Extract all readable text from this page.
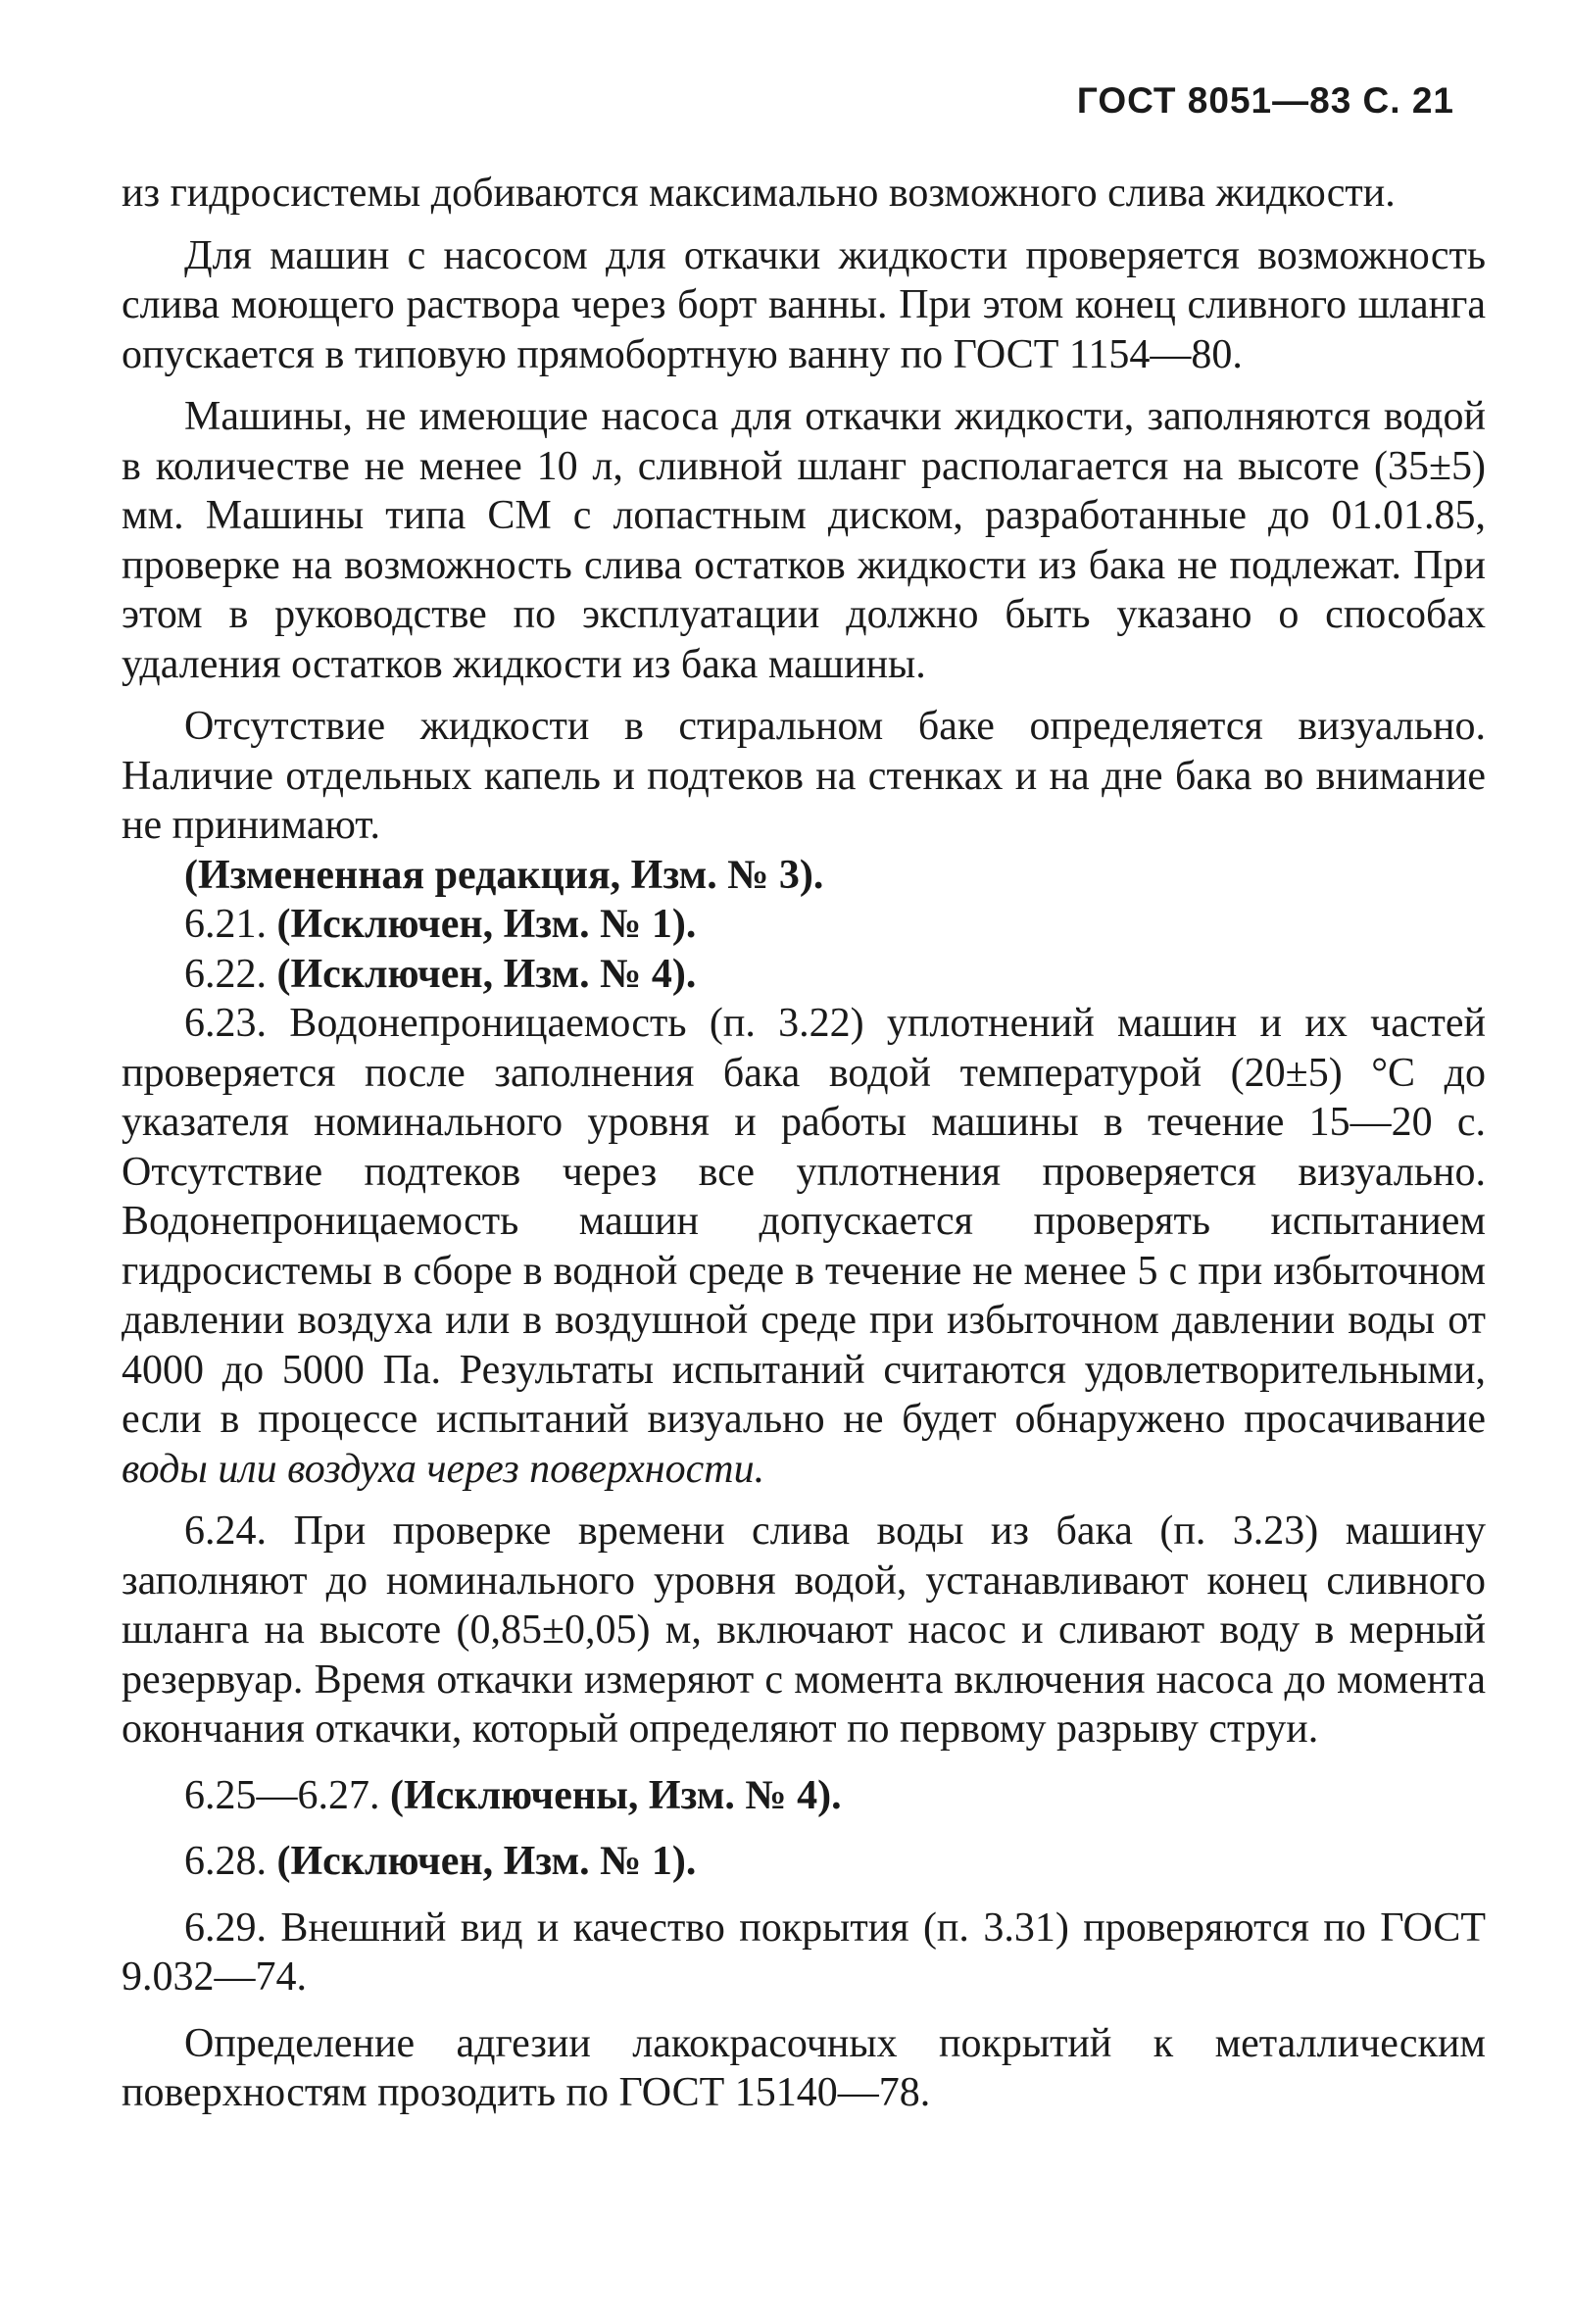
ГОСТ 8051—83 С. 21

из гидросистемы добиваются максимально возможного слива жидкости.

Для машин с насосом для откачки жидкости проверяется возможность слива моющего раствора через борт ванны. При этом конец сливного шланга опускается в типовую прямобортную ванну по ГОСТ 1154—80.

Машины, не имеющие насоса для откачки жидкости, заполняются водой в количестве не менее 10 л, сливной шланг располагается на высоте (35±5) мм. Машины типа СМ с лопастным диском, разработанные до 01.01.85, проверке на возможность слива остатков жидкости из бака не подлежат. При этом в руководстве по эксплуатации должно быть указано о способах удаления остатков жидкости из бака машины.

Отсутствие жидкости в стиральном баке определяется визуально. Наличие отдельных капель и подтеков на стенках и на дне бака во внимание не принимают.

(Измененная редакция, Изм. № 3).

6.21. (Исключен, Изм. № 1).

6.22. (Исключен, Изм. № 4).

6.23. Водонепроницаемость (п. 3.22) уплотнений машин и их частей проверяется после заполнения бака водой температурой (20±5) °С до указателя номинального уровня и работы машины в течение 15—20 с. Отсутствие подтеков через все уплотнения проверяется визуально. Водонепроницаемость машин допускается проверять испытанием гидросистемы в сборе в водной среде в течение не менее 5 с при избыточном давлении воздуха или в воздушной среде при избыточном давлении воды от 4000 до 5000 Па. Результаты испытаний считаются удовлетворительными, если в процессе испытаний визуально не будет обнаружено просачивание воды или воздуха через поверхности.

6.24. При проверке времени слива воды из бака (п. 3.23) машину заполняют до номинального уровня водой, устанавливают конец сливного шланга на высоте (0,85±0,05) м, включают насос и сливают воду в мерный резервуар. Время откачки измеряют с момента включения насоса до момента окончания откачки, который определяют по первому разрыву струи.

6.25—6.27. (Исключены, Изм. № 4).

6.28. (Исключен, Изм. № 1).

6.29. Внешний вид и качество покрытия (п. 3.31) проверяются по ГОСТ 9.032—74.

Определение адгезии лакокрасочных покрытий к металлическим поверхностям прозодить по ГОСТ 15140—78.
